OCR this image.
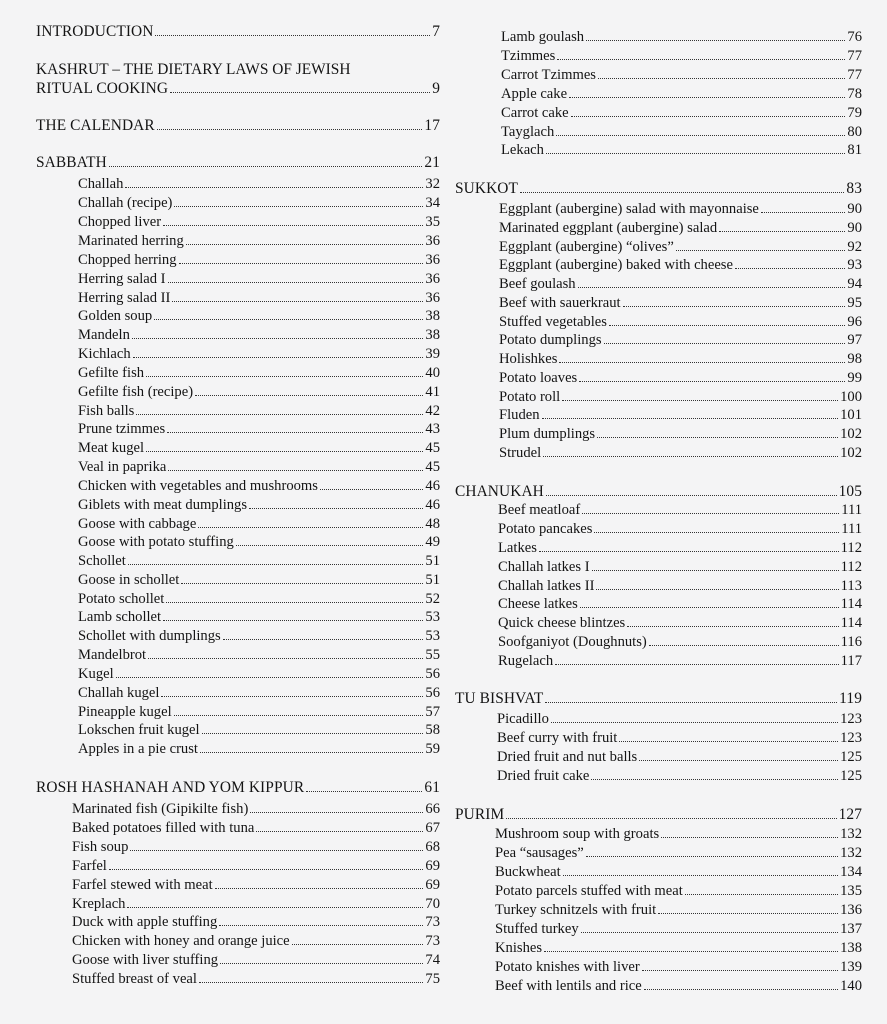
INTRODUCTION	7
KASHRUT – THE DIETARY LAWS OF JEWISH
RITUAL COOKING	9
THE CALENDAR	17
SABBATH	21
Challah	32
Challah (recipe)	34
Chopped liver	35
Marinated herring	36
Chopped herring	36
Herring salad I	36
Herring salad II	36
Golden soup	38
Mandeln	38
Kichlach	39
Gefilte fish	40
Gefilte fish (recipe)	41
Fish balls	42
Prune tzimmes	43
Meat kugel	45
Veal in paprika	45
Chicken with vegetables and mushrooms	46
Giblets with meat dumplings	46
Goose with cabbage	48
Goose with potato stuffing	49
Schollet	51
Goose in schollet	51
Potato schollet	52
Lamb schollet	53
Schollet with dumplings	53
Mandelbrot	55
Kugel	56
Challah kugel	56
Pineapple kugel	57
Lokschen fruit kugel	58
Apples in a pie crust	59
ROSH HASHANAH AND YOM KIPPUR	61
Marinated fish (Gipikilte fish)	66
Baked potatoes filled with tuna	67
Fish soup	68
Farfel	69
Farfel stewed with meat	69
Kreplach	70
Duck with apple stuffing	73
Chicken with honey and orange juice	73
Goose with liver stuffing	74
Stuffed breast of veal	75
Lamb goulash	76
Tzimmes	77
Carrot Tzimmes	77
Apple cake	78
Carrot cake	79
Tayglach	80
Lekach	81
SUKKOT	83
Eggplant (aubergine) salad with mayonnaise	90
Marinated eggplant (aubergine) salad	90
Eggplant (aubergine) “olives”	92
Eggplant (aubergine) baked with cheese	93
Beef goulash	94
Beef with sauerkraut	95
Stuffed vegetables	96
Potato dumplings	97
Holishkes	98
Potato loaves	99
Potato roll	100
Fluden	101
Plum dumplings	102
Strudel	102
CHANUKAH	105
Beef meatloaf	111
Potato pancakes	111
Latkes	112
Challah latkes I	112
Challah latkes II	113
Cheese latkes	114
Quick cheese blintzes	114
Soofganiyot (Doughnuts)	116
Rugelach	117
TU BISHVAT	119
Picadillo	123
Beef curry with fruit	123
Dried fruit and nut balls	125
Dried fruit cake	125
PURIM	127
Mushroom soup with groats	132
Pea “sausages”	132
Buckwheat	134
Potato parcels stuffed with meat	135
Turkey schnitzels with fruit	136
Stuffed turkey	137
Knishes	138
Potato knishes with liver	139
Beef with lentils and rice	140
